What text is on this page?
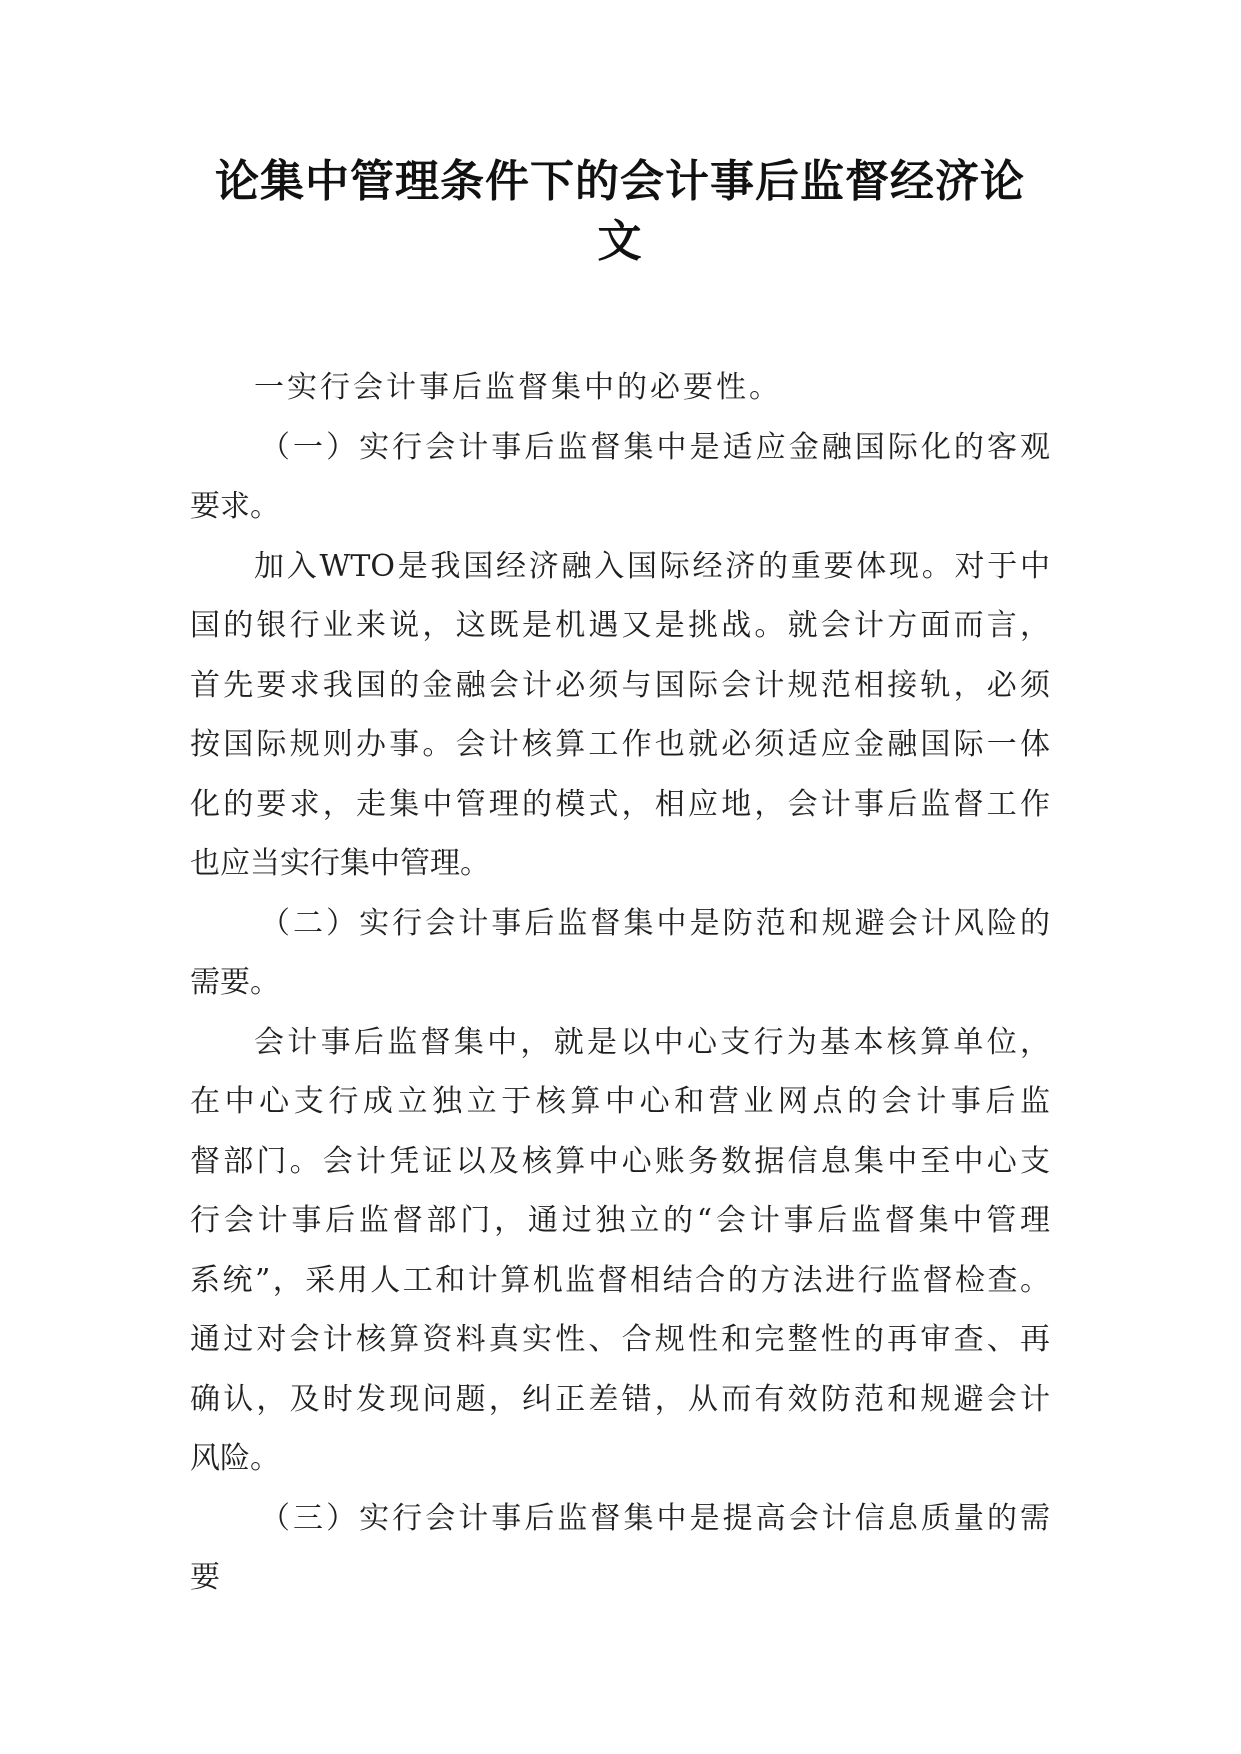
论集中管理条件下的会计事后监督经济论
文
一实行会计事后监督集中的必要性。
（一）实行会计事后监督集中是适应金融国际化的客观
要求。
加入WTO是我国经济融入国际经济的重要体现。对于中
国的银行业来说，这既是机遇又是挑战。就会计方面而言，
首先要求我国的金融会计必须与国际会计规范相接轨，必须
按国际规则办事。会计核算工作也就必须适应金融国际一体
化的要求，走集中管理的模式，相应地，会计事后监督工作
也应当实行集中管理。
（二）实行会计事后监督集中是防范和规避会计风险的
需要。
会计事后监督集中，就是以中心支行为基本核算单位，
在中心支行成立独立于核算中心和营业网点的会计事后监
督部门。会计凭证以及核算中心账务数据信息集中至中心支
行会计事后监督部门，通过独立的“会计事后监督集中管理
系统”，采用人工和计算机监督相结合的方法进行监督检查。
通过对会计核算资料真实性、合规性和完整性的再审查、再
确认，及时发现问题，纠正差错，从而有效防范和规避会计
风险。
（三）实行会计事后监督集中是提高会计信息质量的需
要
